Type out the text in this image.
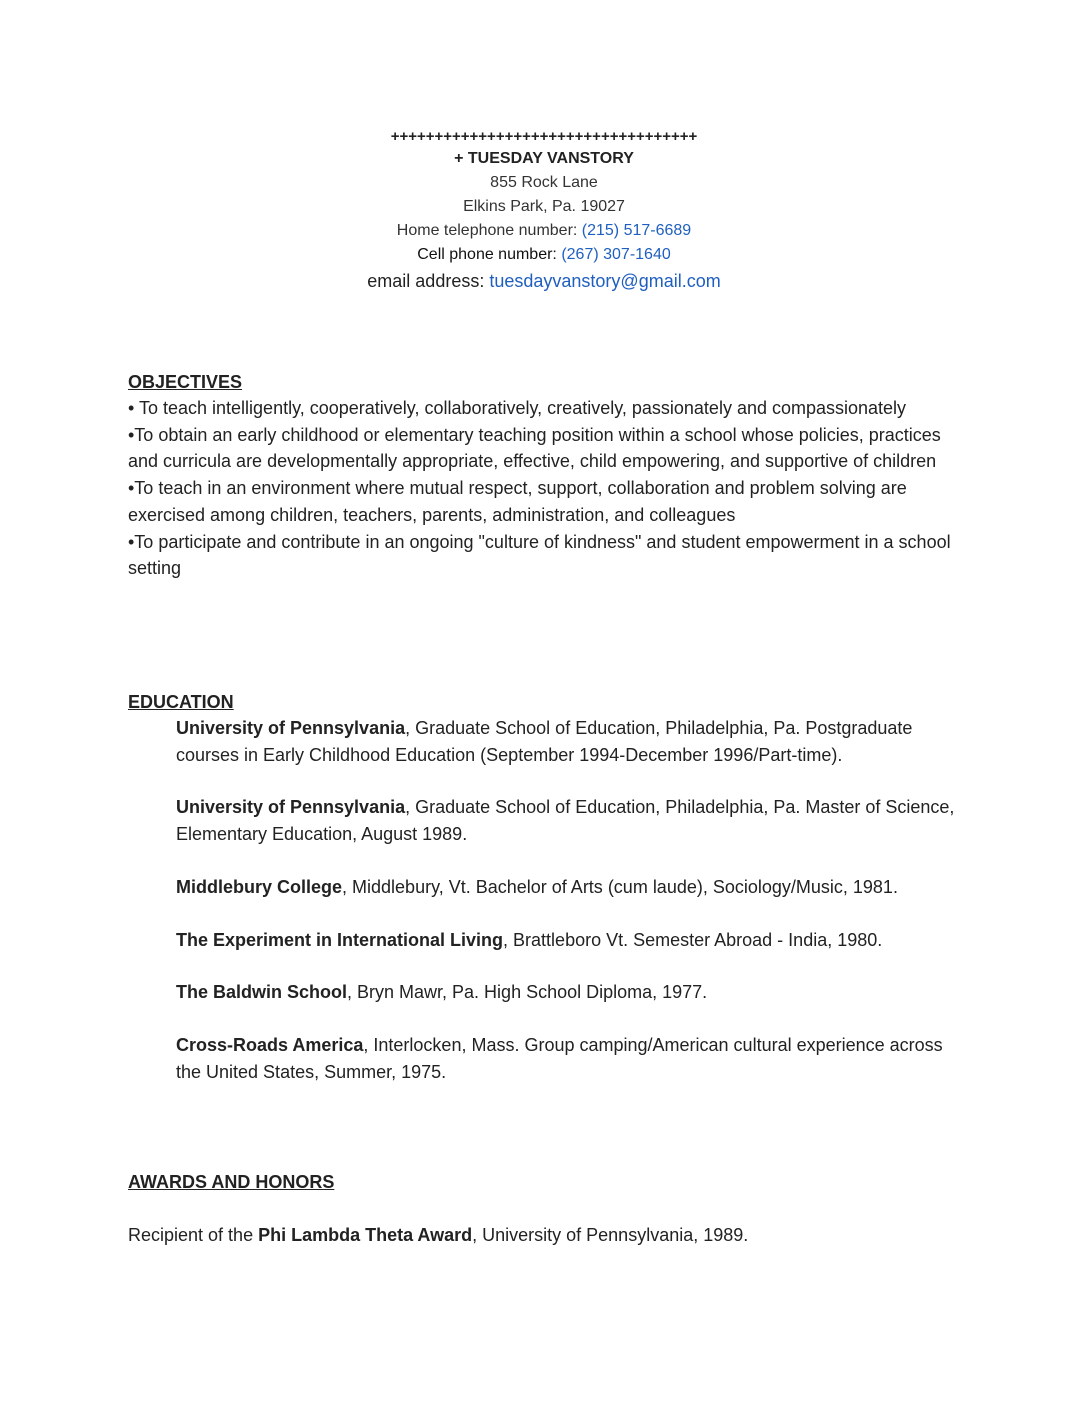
+++++++++++++++++++++++++++++++++++
+ TUESDAY VANSTORY
855 Rock Lane
Elkins Park, Pa. 19027
Home telephone number: (215) 517-6689
Cell phone number: (267) 307-1640
email address: tuesdayvanstory@gmail.com
OBJECTIVES

• To teach intelligently, cooperatively, collaboratively, creatively, passionately and compassionately

•To obtain an early childhood or elementary teaching position within a school whose policies, practices and curricula are developmentally appropriate, effective, child empowering, and supportive of children

•To teach in an environment where mutual respect, support, collaboration and problem solving are exercised among children, teachers, parents, administration, and colleagues

•To participate and contribute in an ongoing "culture of kindness" and student empowerment in a school setting

EDUCATION

University of Pennsylvania, Graduate School of Education, Philadelphia, Pa. Postgraduate courses in Early Childhood Education (September 1994-December 1996/Part-time).

University of Pennsylvania, Graduate School of Education, Philadelphia, Pa. Master of Science, Elementary Education, August 1989.

Middlebury College, Middlebury, Vt. Bachelor of Arts (cum laude), Sociology/Music, 1981.

The Experiment in International Living, Brattleboro Vt. Semester Abroad - India, 1980.

The Baldwin School, Bryn Mawr, Pa. High School Diploma, 1977.

Cross-Roads America, Interlocken, Mass. Group camping/American cultural experience across the United States, Summer, 1975.

AWARDS AND HONORS

Recipient of the Phi Lambda Theta Award, University of Pennsylvania, 1989.
